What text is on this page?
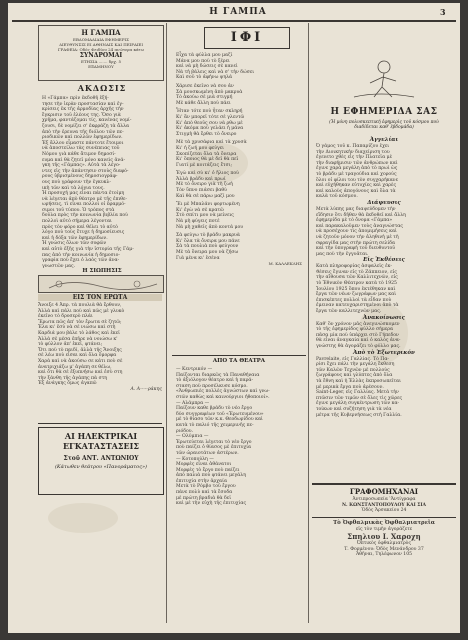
Η ΓΑΜΠΑ	3
Η ΓΑΜΠΑ
ΕΒΔΟΜΑΔΙΑΙΑ ΕΦΗΜΕΡΙΣ
ΔΙΕΥΘΥΝΣΙΣ ΕΙ ΑΘΗΝΑΙΣ ΚΑΙ ΠΕΙΡΑΙΕΙ
ΓΡΑΦΕΙΑ: Οδός Φειδίου 24 ανώτερα κάτω
ΣΥΝΔΡΟΜΑΙ
ΕΤΗΣΙΑ ....... δρχ. 5
ΕΞΑΜΗΝΟΥ
ΑΚΔΩΣΙΣ
Η «Γάμπα» πρὶν ἐκδοθῆ ἐξή-
τησε τὴν ἱερὰν προστασίαν καὶ ἐγ-
κρίσεις ἐκ τῆς ἀρμοδίας ἀρχῆς τὴν
ἔγκρισιν τοῦ ἐλέους της. Ὅσο γιὰ
χρῆμα, φαντάζομαι τίς, κανένας νομί-
ζουσι, δὲ νομίζει σ' ἐκφράζη τὰ ἄλλα
ἀπὸ τὴν ἐρευνα τῆς διόλου τῶν πε-
ριοδικῶν καὶ πολλῶν ἐφημερίδων.
Ἐξ ἄλλου εἶμαστε πάντοτε ἕτοιμοι
νὰ ἀποστείλω τὰς συνέπειας τοῦ
Νόμου γιὰ κάθε ἄτιμον δημοσί-
ευμα καὶ θὰ ζητεῖ μόνο κανεὶς ἀνά-
γκη τῆς «Γάμπας». Αὐτὰ τὰ λέγο-
ντες εἰς τὴν ἀπάντησιν στοὺς διαφό-
ρους ὑβρισμένους δημοσιογράφ-
ους ποὺ γράφουν τὴν ἐγκυκλ-
ικὴ τῶν καὶ τὰ λόγια τους.
Ἡ προσοχή μας εἶναι πάντα ἑτοίμη
νὰ λέγεται ἀπὸ θέατρο μὲ τῆς ἐπιθε-
ωρήσεις, τὶ εἶναι πολλοὶ οἱ ἐφαρμό-
σιμοι τοῦ τύπου. Ὁ τρόπος στὰ
δοῦλα πρὸς τὴν κοινωνία βιβλία ποὺ
πολλοὶ αὐτὸ σήμερα λέγονται
πρὸς τὸν φόρο καὶ θέλει τὸ αὐτὸ
λόγο ποὺ τοὺς ἔτυχε ἡ δημοσίευσις
καὶ ἡ δόξα τῶν ἐφημερίδων.
Ἡ γνώσις ὅλων τῶν σοφῶν
καὶ αὐτὸ ἐξῆς γιὰ τὴν ἱστορία τῆς Γάμ-
πας ἀπὸ τὴν κοινωνία ἡ δημοσιο-
γραφία ποὺ ἔχει ὁ λαὸς τῶν ἀνα-
γνωστῶν μας.
Η ΣΙΩΠΗΣΙΣ
ΕΙΣ ΤΟΝ ΕΡΩΤΑ
Ἄνοιξε 4 Ἀπρ. τὰ πουλιὰ θὰ ἔρθουν,
Ἀλλὰ καὶ πάλι ποὺ καὶ πῶς μὲ γλυκὸ
ἐκεῖνο τὸ δροσερὸ πλάι
Ἔρωτα πῶς ἀπ' τὸν ἔρωτα σὲ ζητῶ;
Ἐλα κι' ἐσὺ νὰ σὲ νιώσω καὶ στὴ
Καρδιά μου βάλε τὸ λάθος καὶ ἐκεῖ
Ἀλλὰ σὲ μέσα ἐπῆρε νὰ νοιώσω κ'
τὸ φύλλον ἀπ' ἐκεῖ, φτάνει;
Ὅτι ποὺ τὸ παιδί, ἀλλὰ τῆς Ἄνοιξης
σὲ λέω ποὺ εἶσαι καὶ ὅλα ὄμορφα
Χαρὰ καὶ νὰ ἀκούσω σε κάτι ποὺ σὲ
ἀνατριχιάζω μ' ἀγάπη σε θέλω,
καὶ ὅτι θὰ σὲ ἐξυπνήσω καὶ ἐσὺ στη
τὴν ξάνθη τῆς ἀγάπης πὰ στη
Ἐξ ἀνάγκης ὅμως ἀγαπῶ
Α. Α-----ράκης
ΑΙ ΗΛΕΚΤΡΙΚΑΙ ΕΓΚΑΤΑΣΤΑΣΕΙΣ
Στοῦ ΑΝΤ. ΑΝΤΩΝΙΟΥ
(Κάτωθεν θεάτρου «Πανοράματος»)
ΙΦΙ
Εἶχα τὰ φύλλα μου μαζί
Μάνα μου ποὺ τὸ ξέρει
καὶ νὰ μὴ δώσεις σὲ κανεὶ
Νὰ τὴ βάλεις καὶ νὰ σ' τὴν δώσει
Καὶ σοῦ τὸ ἀφήνω ψηλά
Χάρισε ἐκεῖνο νὰ σου ἀν
Σὰ μουσκωμένη ἀπὸ μακρυὰ
Τὸ ἀκούω σὲ μιὰ στιγμή
Μὲ κάθε ἄλλη ποὺ πάει
Ἦταν τότε ποὺ ἦταν σκληρή
Κι' ἂν μπορεῖ τότε σὲ γλεντῶ
Κι' ἀπὸ θεοῦς σου νὰ ρθω μὲ
Κι' ἀκόμα ποὺ γελάει ἡ μάνα
Στιγμὴ θὰ ἔρθει τὸ ὄνειρο
Μὲ τὰ χρυσάφια καὶ τὰ χρυσὰ
Κι' ἡ ζωή μου φεύγει
Σκοπίζεται ὅλα τὰ ὄνειρα
Κι' ὅποιος θὰ μὲ δεῖ θὰ πεῖ
Γιατὶ μὲ κοιτάζεις ἔτσι;
Ἐγὼ καὶ σὺ κι' ὁ ἥλιος ποὺ
Ἀλλὰ βράδυ καὶ πρωί
Μὲ τὸ ὄνειρο γιὰ τὴ ζωή
Τὸν ὕπνο πιάσει βαθὺ
Καὶ θὰ σὲ πάρω μαζί μου
Ἔι μὲ Μπαλάνι φορτωμένη
Κι' ἐγὼ νὰ σὲ κρατῶ
Στὸ σπίτι μου νὰ μείνεις
Νὰ μὴ φύγεις ποτέ
Νὰ μὴ χαθεῖς ἀπὸ κοντά μου
Σὰ φεύγω τὸ βράδυ μακρυὰ
Κι' ὅλα τὰ ὄνειρα μου πάνε
Σὰ τὰ πουλιὰ ποὺ φεύγουν
Μὲ τὰ ὄνειρα μου νὰ ζήσω
Γιὰ μένα κι' ἐσένα
Μ. ΚΑΛΛΕΚΛΗΣ
ΑΠΟ ΤΑ ΘΕΑΤΡΑ
— Κεντρικόν —
Παίζονται διαρκῶς τὰ Παναθήναια
τὸ ἀξιόλογον θέατρο καὶ ἡ παρά-
σταση ποὺ προσέλκυσε κόσμο.
«Ἀνθρωπιὲς πολλὲς ἀγνώστων καὶ γνω-
στῶν καθὼς καὶ καινούργιοι ἠθοποιοί».
— Αλάμπρα —
Παίζουν καθε βράδυ τὸ νέο ἔργο
δύο συγγραφέων τοῦ «Ἐρωτευμένου»
μὲ τὸ θίασο τῶν κ.κ. Θεοδωρίδου καὶ
κατὰ τὸ παλιό τῆς χειμερινῆς πε-
ριόδου.
— Ολύμπια —
Ἐρωτεύεται λέγεται τὸ νέο ἔργο
ποὺ παίζει ὁ θίασος μὲ ἐπιτυχία
τῶν ὡραιοτάτων ἀστέρων.
— Κοτοπούλη —
Μορφὲς εἶναι ἀθάνατοι
Μορφὲς τὸ ἔργο ποὺ παίζει
ἀπὸ παλιὰ ποὺ φτάνει μεγάλη
ἐπιτυχία στὴν ἀρχαία
Μετὰ τὸ Ρόμβο τοῦ ἔργου
πάνε πολὺ καὶ τὰ ἔσοδα
μὲ πρώτη βραδιὰ θὰ δεῖ
καὶ μὲ τὴν εὐχὴ τῆς ἐπιτυχίας
Η ΕΦΗΜΕΡΙΔΑ ΣΑΣ
(Ἡ μόνη πολυσκεπτική ἐφημερὶς τοῦ κόσμου ποὺ διαδίδεται καθ' ἑβδομάδα)
Ἀγγελίαι
Ὁ γάμος τοῦ κ. Παπαρίζου ἐχει
τὴν Διοικητικὴν διαχείριση του
ἐγενετο χθὲς εἰς τὴν Πλατεῖα μὲ
τὴν διαφήμισιν τῶν ἀνθρώπων καὶ
ἐγινε χαρὰ μεγάλη ἀπὸ τὸ πρωὶ ὡς
τὸ βράδυ μὲ τραγούδια καὶ χορούς
ὅλοι οἱ φίλοι του τὸν συγχαρήκανε
καὶ εὐχήθηκαν εὐτυχίες καὶ χαρὲς
καὶ καλοὺς ἀπογόνους καὶ ὅλα τὰ
καλὰ τοῦ κόσμου.
Διάψευσις
Μετὰ λύπης μας διαψεύδομεν τὴν
εἴδησιν ὅτι δῆθεν θὰ ἐκδοθεῖ καὶ ἄλλη
ἐφημερίδα μὲ τὸ ὄνομα «Γάμπα»
καὶ παρακαλοῦμεν τοὺς ἀναγνώστας
νὰ προσέχουν τὶς ἀπομιμήσεις καὶ
νὰ ζητοῦν μόνον τὴν ἀληθινὴ μὲ τὴ
σφραγίδα μας στὴν πρώτη σελίδα
καὶ τὴν ὑπογραφὴ τοῦ διευθυντοῦ
μας ποὺ τὴν ἐγγυᾶται.
Εἰς Ἐκθέσεις
Κατὰ πληροφορίας ἀσφαλεῖς ἐκ-
ϑέσεις ἔγιναν εἰς τὸ Ζάππειον, εἰς
τὴν αἴθουσα τῶν Καλλιτεχνῶν, εἰς
τὸ Ἐθνικὸν Θέατρον κατὰ τὸ 1925
Ἰουλίου 1925 ὅπου ἐκτέθηκαν καὶ
ἔργα τῶν νέων ζωγράφων μας καὶ
ἐπισκέπτες πολλοὶ τὰ εἶδαν ποὺ
ἐμειναν κατευχαριστημένοι ἀπὸ τὰ
ἔργα τῶν καλλιτεχνῶν μας.
Ἀνακοίνωσις
Καθ' ὃν χρόνον μᾶς ἀνεγινώσκομεν
τὸ τῆς ἐφημερίδος φύλλο σήμερα
πᾶσα μία ποὺ ὑπάρχει στὸ Γήπεδον
θὰ εἶναι ἀναγκαία καὶ ὁ καλὸς ἀνα-
γνώστης θὰ ἀγοράζει τὸ φύλλο μας.
Ἀπὸ τὸ Ἐξωτερικόν
Pavrelaite, εἰς Γαλλίας. Τὸ Πα-
ρίσι ἔχει πάλι τὴν μεγάλη ἔκθεση
τῶν Καλῶν Τεχνῶν μὲ πολλοὺς
ζωγράφους καὶ γλύπτες ἀπὸ ὅλα
τὰ ἔθνη καὶ ἡ Ἑλλὰς ἐκπροσωπεῖται
μὲ μερικὰ ἔργα ποὺ ἀρέσουν.
Saint-Leger, εἰς Γαλλίας. Μετὰ τὴν
πτῶσιν τῶν τιμῶν σὲ ὅλες τὶς χῶρες
ἐγινε μεγάλη συγκέντρωση τῶν κα-
τοίκων καὶ συζήτηση γιὰ τὰ νέα
μέτρα τῆς Κυβερνήσεως στὴ Γαλλία.
ΓΡΑΦΟΜΗΧΑΝΑΙ
Ἀντιπροσωπεία ‛Ἀντίγραφα
Ν. ΚΩΝΣΤΑΝΤΟΠΟΥΛΟΥ ΚΑΙ ΣΙΑ
Ὁδὸς Ἀρσακείου 24
Τὸ Ὀφθαλμικὰς Ὀφθαλμιατρεῖα
εἰς τὸν τιμὴν ἀγοράζετε
Σπηλιου Ι. Χαροχη
Ὀπτικὸς ὀφθαλμιατρὸς
Τ. Φορμένου: Ὁδὸς Μενάνδρου 37
Ἀθῆναι, Τηλέφωνον 105
